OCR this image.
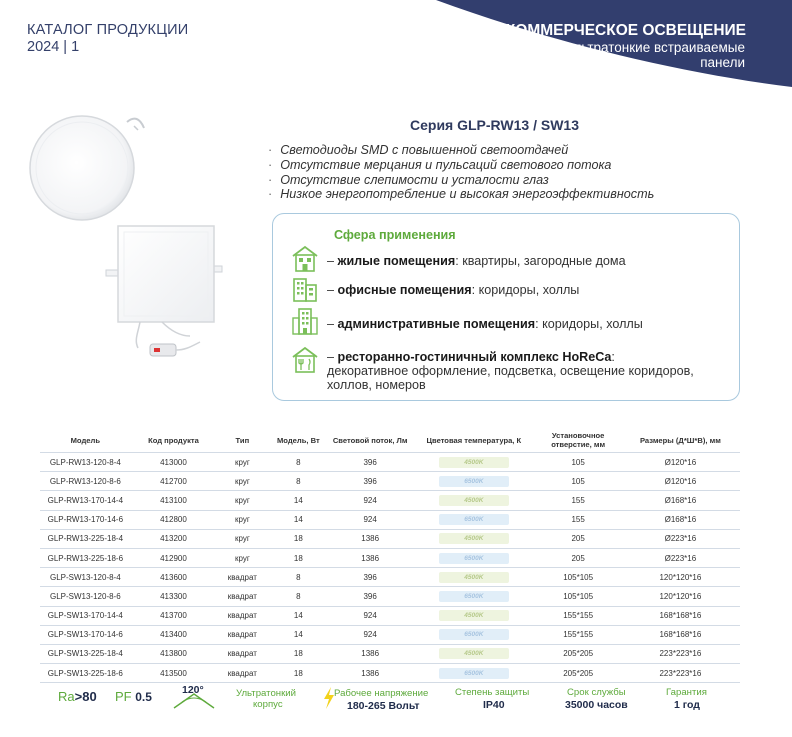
КАТАЛОГ ПРОДУКЦИИ
2024 | 1
КОММЕРЧЕСКОЕ ОСВЕЩЕНИЕ
ультратонкие встраиваемые
панели
Серия GLP-RW13 / SW13
· Светодиоды SMD с повышенной светоотдачей
· Отсутствие мерцания и пульсаций светового потока
· Отсутствие слепимости и усталости глаз
· Низкое энергопотребление и высокая энергоэффективность
Сфера применения
– жилые помещения: квартиры, загородные дома
– офисные помещения: коридоры, холлы
– административные помещения: коридоры, холлы
– ресторанно-гостиничный комплекс HoReCa:
декоративное оформление, подсветка, освещение коридоров,
холлов, номеров
Модель	Код продукта	Тип	Модель, Вт	Световой поток, Лм	Цветовая температура, К	Установочное отверстие, мм	Размеры (Д*Ш*В), мм
GLP-RW13-120-8-4	413000	круг	8	396	4500K	105	Ø120*16
GLP-RW13-120-8-6	412700	круг	8	396	6500K	105	Ø120*16
GLP-RW13-170-14-4	413100	круг	14	924	4500K	155	Ø168*16
GLP-RW13-170-14-6	412800	круг	14	924	6500K	155	Ø168*16
GLP-RW13-225-18-4	413200	круг	18	1386	4500K	205	Ø223*16
GLP-RW13-225-18-6	412900	круг	18	1386	6500K	205	Ø223*16
GLP-SW13-120-8-4	413600	квадрат	8	396	4500K	105*105	120*120*16
GLP-SW13-120-8-6	413300	квадрат	8	396	6500K	105*105	120*120*16
GLP-SW13-170-14-4	413700	квадрат	14	924	4500K	155*155	168*168*16
GLP-SW13-170-14-6	413400	квадрат	14	924	6500K	155*155	168*168*16
GLP-SW13-225-18-4	413800	квадрат	18	1386	4500K	205*205	223*223*16
GLP-SW13-225-18-6	413500	квадрат	18	1386	6500K	205*205	223*223*16
Ra>80 PF 0.5	120°	Ультратонкий
корпус
Рабочее напряжение
180-265 Вольт
Степень защиты
IP40
Срок службы
35000 часов
Гарантия
1 год
